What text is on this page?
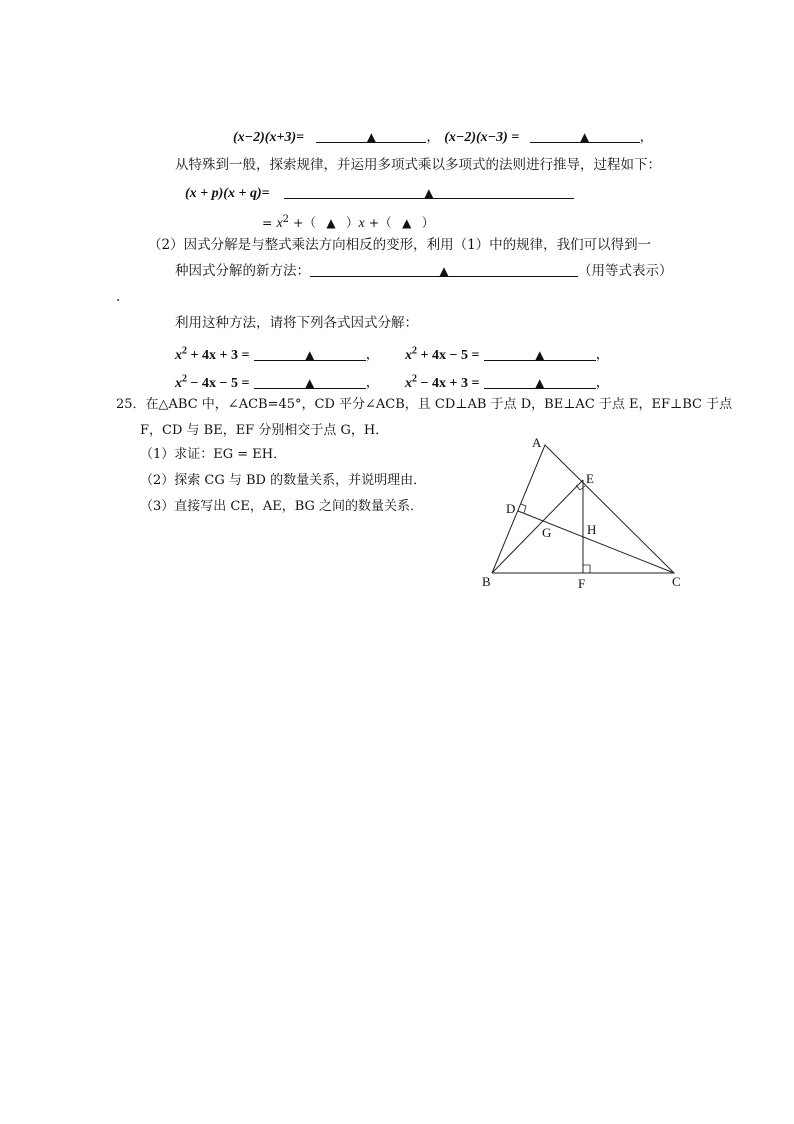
(x−2)(x+3)=	▲	， (x−2)(x−3) =	▲	，
从特殊到一般，探索规律，并运用多项式乘以多项式的法则进行推导，过程如下：
(x + p)(x + q)=	▲
= $x^2$ +（ ▲ ）x +（ ▲ ）
（2）因式分解是与整式乘法方向相反的变形，利用（1）中的规律，我们可以得到一
种因式分解的新方法：	▲	（用等式表示）
.
利用这种方法，请将下列各式因式分解：
$x^2 + 4x + 3$ =	▲	， $x^2 + 4x - 5$ =	▲	，
$x^2 - 4x - 5$ =	▲	， $x^2 - 4x + 3$ =	▲	，
25．在△ABC 中，∠ACB=45°，CD 平分∠ACB，且 CD⊥AB 于点 D，BE⊥AC 于点 E，EF⊥BC 于点
F，CD 与 BE，EF 分别相交于点 G，H．
（1）求证：EG = EH．
（2）探索 CG 与 BD 的数量关系，并说明理由．
（3）直接写出 CE，AE，BG 之间的数量关系．
A
B	C
D
E
F
G	H
